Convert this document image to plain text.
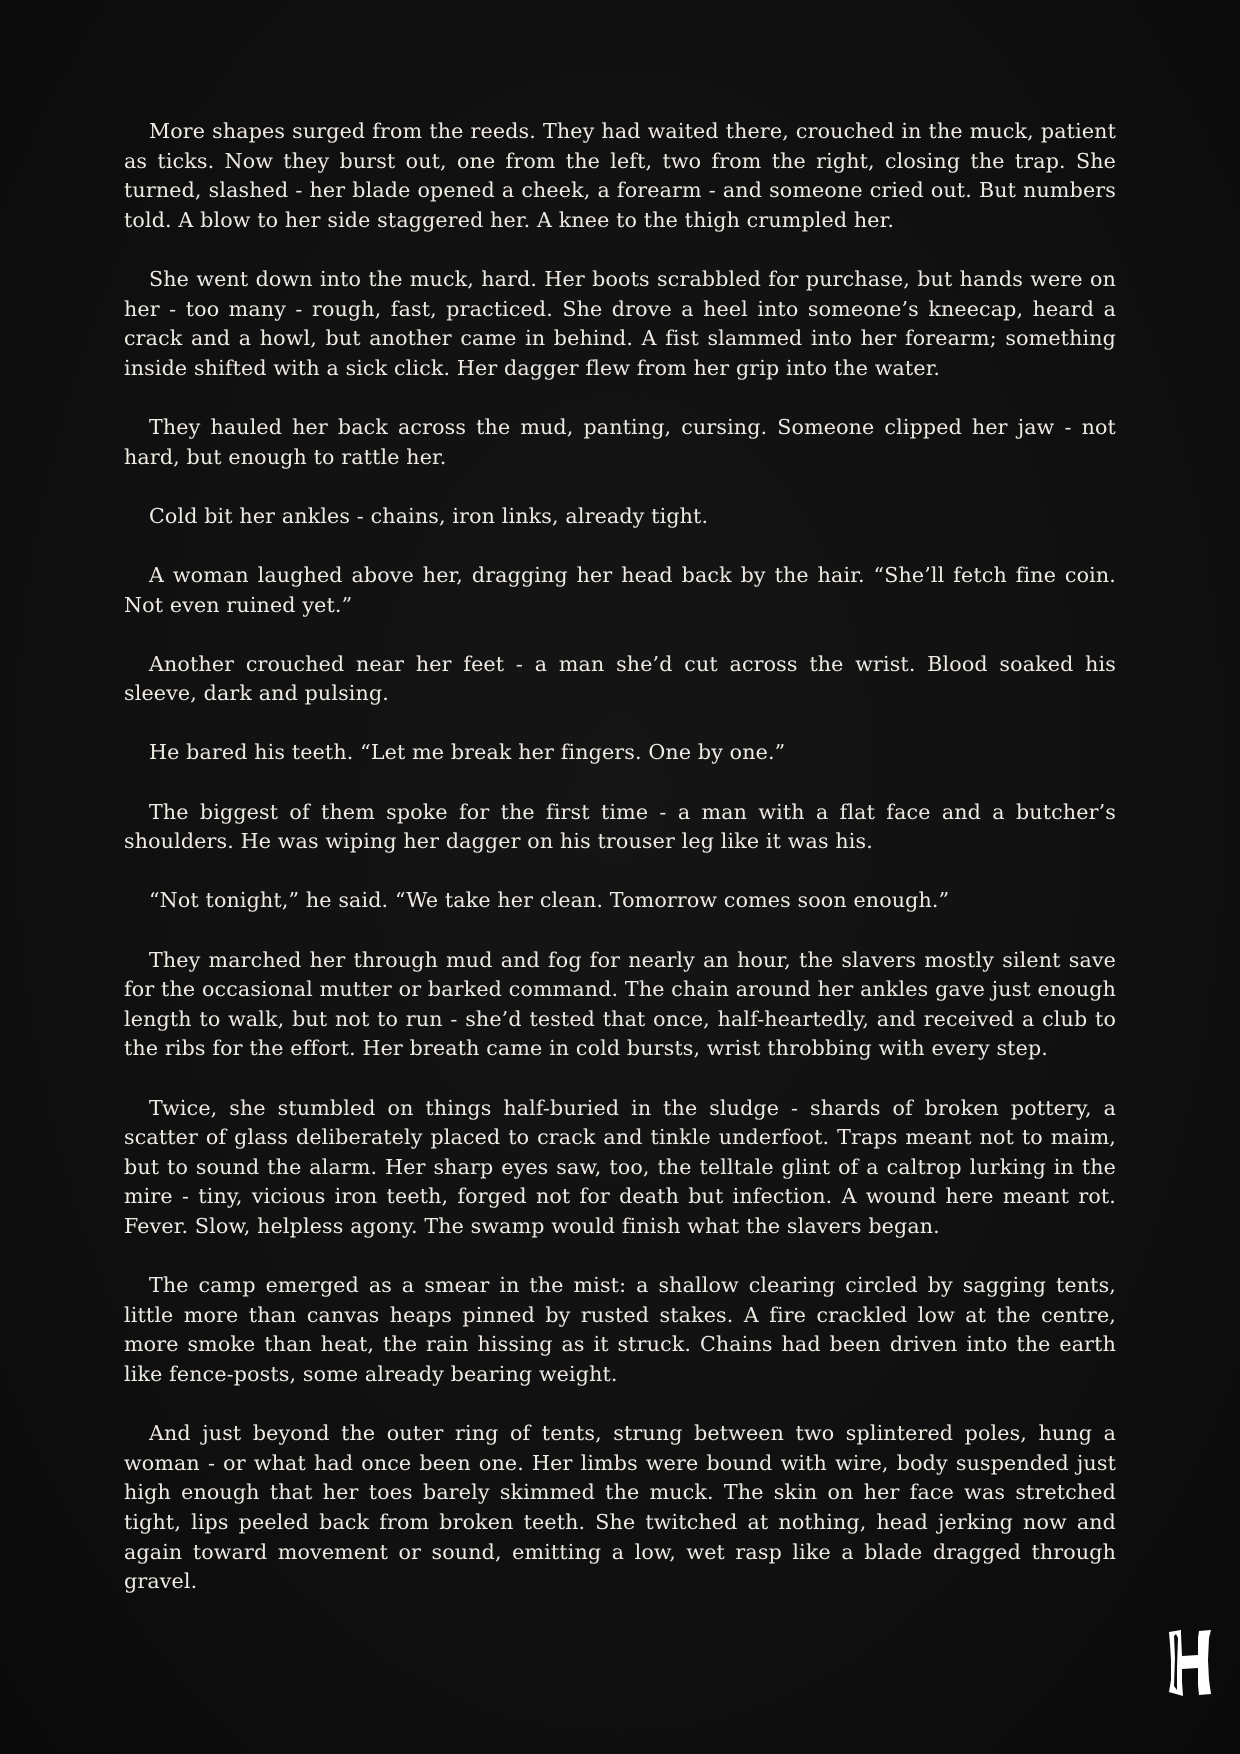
More shapes surged from the reeds. They had waited there, crouched in the muck, patient as ticks. Now they burst out, one from the left, two from the right, closing the trap. She turned, slashed - her blade opened a cheek, a forearm - and someone cried out. But numbers told. A blow to her side staggered her. A knee to the thigh crumpled her.

She went down into the muck, hard. Her boots scrabbled for purchase, but hands were on her - too many - rough, fast, practiced. She drove a heel into someone’s kneecap, heard a crack and a howl, but another came in behind. A fist slammed into her forearm; something inside shifted with a sick click. Her dagger flew from her grip into the water.

They hauled her back across the mud, panting, cursing. Someone clipped her jaw - not hard, but enough to rattle her.

Cold bit her ankles - chains, iron links, already tight.

A woman laughed above her, dragging her head back by the hair. “She’ll fetch fine coin. Not even ruined yet.”

Another crouched near her feet - a man she’d cut across the wrist. Blood soaked his sleeve, dark and pulsing.

He bared his teeth. “Let me break her fingers. One by one.”

The biggest of them spoke for the first time - a man with a flat face and a butcher’s shoulders. He was wiping her dagger on his trouser leg like it was his.

“Not tonight,” he said. “We take her clean. Tomorrow comes soon enough.”

They marched her through mud and fog for nearly an hour, the slavers mostly silent save for the occasional mutter or barked command. The chain around her ankles gave just enough length to walk, but not to run - she’d tested that once, half-heartedly, and received a club to the ribs for the effort. Her breath came in cold bursts, wrist throbbing with every step.

Twice, she stumbled on things half-buried in the sludge - shards of broken pottery, a scatter of glass deliberately placed to crack and tinkle underfoot. Traps meant not to maim, but to sound the alarm. Her sharp eyes saw, too, the telltale glint of a caltrop lurking in the mire - tiny, vicious iron teeth, forged not for death but infection. A wound here meant rot. Fever. Slow, helpless agony. The swamp would finish what the slavers began.

The camp emerged as a smear in the mist: a shallow clearing circled by sagging tents, little more than canvas heaps pinned by rusted stakes. A fire crackled low at the centre, more smoke than heat, the rain hissing as it struck. Chains had been driven into the earth like fence-posts, some already bearing weight.

And just beyond the outer ring of tents, strung between two splintered poles, hung a woman - or what had once been one. Her limbs were bound with wire, body suspended just high enough that her toes barely skimmed the muck. The skin on her face was stretched tight, lips peeled back from broken teeth. She twitched at nothing, head jerking now and again toward movement or sound, emitting a low, wet rasp like a blade dragged through gravel.
